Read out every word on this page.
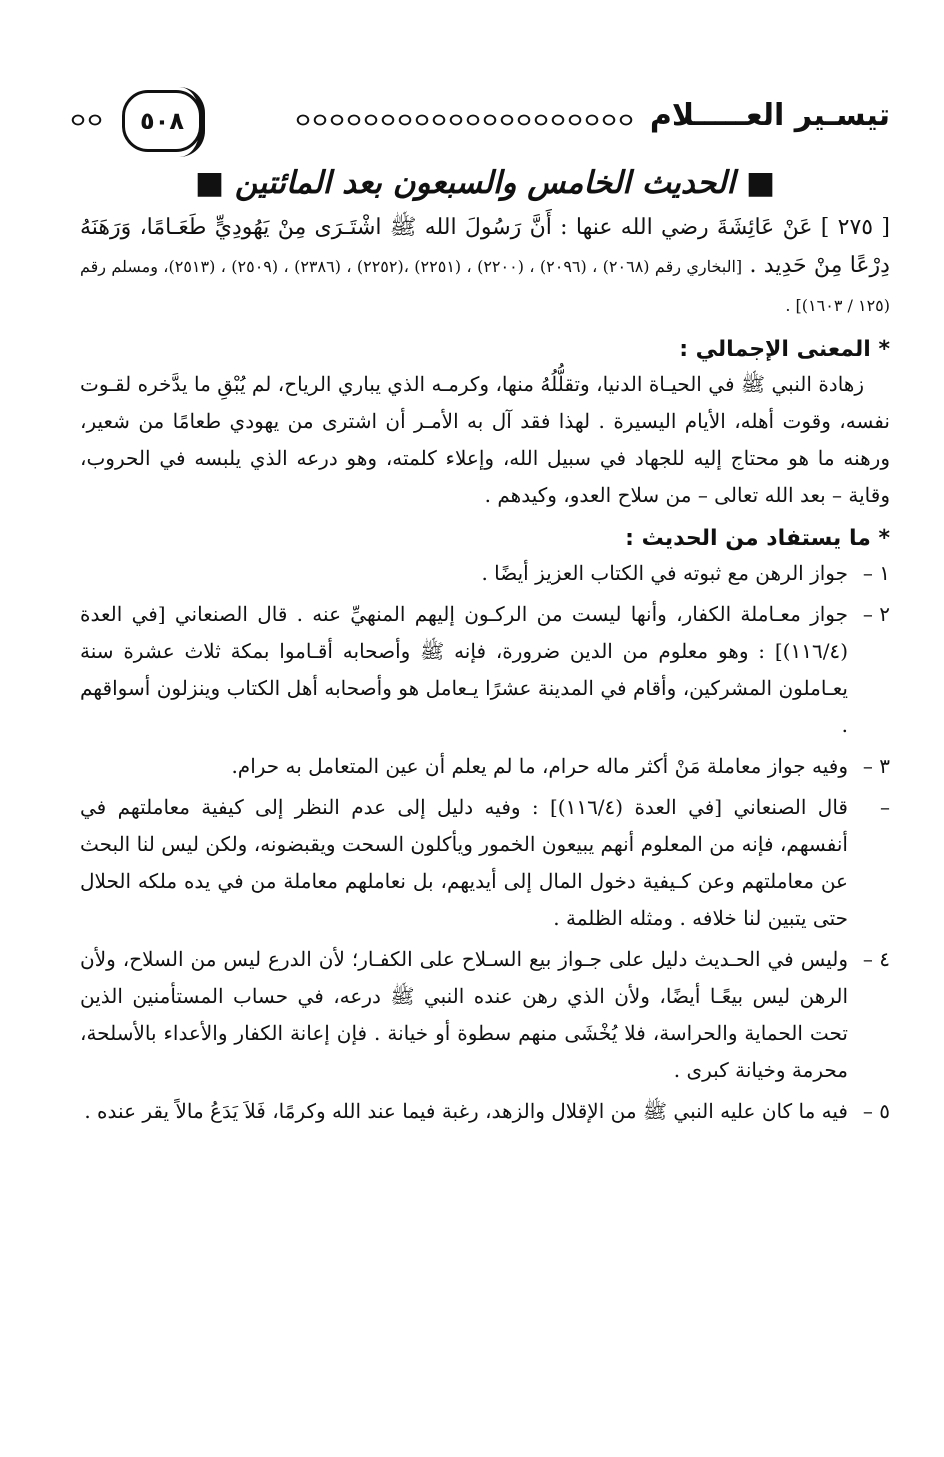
تيسـير العـــــلام
٥٠٨
■ الحديث الخامس والسبعون بعد المائتين ■

[ ٢٧٥ ] عَنْ عَائِشَةَ رضي الله عنها : أَنَّ رَسُولَ الله ﷺ اشْتَـرَى مِنْ يَهُودِيٍّ طَعَـامًا، وَرَهَنَهُ دِرْعًا مِنْ حَدِيد . [البخاري رقم (٢٠٦٨) ، (٢٠٩٦) ، (٢٢٠٠) ، (٢٢٥١) ،(٢٢٥٢) ، (٢٣٨٦) ، (٢٥٠٩) ، (٢٥١٣)، ومسلم رقم (١٢٥ / ١٦٠٣)] .

* المعنى الإجمالي :

زهادة النبي ﷺ في الحيـاة الدنيا، وتقلُّلُهُ منها، وكرمـه الذي يباري الرياح، لم يُبْقِ ما يدَّخره لقـوت نفسه، وقوت أهله، الأيام اليسيرة . لهذا فقد آل به الأمـر أن اشترى من يهودي طعامًا من شعير، ورهنه ما هو محتاج إليه للجهاد في سبيل الله، وإعلاء كلمته، وهو درعه الذي يلبسه في الحروب، وقاية – بعد الله تعالى – من سلاح العدو، وكيدهم .

* ما يستفاد من الحديث :
١ –
جواز الرهن مع ثبوته في الكتاب العزيز أيضًا .
٢ –
جواز معـاملة الكفار، وأنها ليست من الركـون إليهم المنهيِّ عنه . قال الصنعاني [في العدة (١١٦/٤)] : وهو معلوم من الدين ضرورة، فإنه ﷺ وأصحابه أقـاموا بمكة ثلاث عشرة سنة يعـاملون المشركين، وأقام في المدينة عشرًا يـعامل هو وأصحابه أهل الكتاب وينزلون أسواقهم .
٣ –
وفيه جواز معاملة مَنْ أكثر ماله حرام، ما لم يعلم أن عين المتعامل به حرام.
–
قال الصنعاني [في العدة (١١٦/٤)] : وفيه دليل إلى عدم النظر إلى كيفية معاملتهم في أنفسهم، فإنه من المعلوم أنهم يبيعون الخمور ويأكلون السحت ويقبضونه، ولكن ليس لنا البحث عن معاملتهم وعن كـيفية دخول المال إلى أيديهم، بل نعاملهم معاملة من في يده ملكه الحلال حتى يتبين لنا خلافه . ومثله الظلمة .
٤ –
وليس في الحـديث دليل على جـواز بيع السـلاح على الكفـار؛ لأن الدرع ليس من السلاح، ولأن الرهن ليس بيعًـا أيضًا، ولأن الذي رهن عنده النبي ﷺ درعه، في حساب المستأمنين الذين تحت الحماية والحراسة، فلا يُخْشَى منهم سطوة أو خيانة . فإن إعانة الكفار والأعداء بالأسلحة، محرمة وخيانة كبرى .
٥ –
فيه ما كان عليه النبي ﷺ من الإقلال والزهد، رغبة فيما عند الله وكرمًا، فَلاَ يَدَعُ مالاً يقر عنده .
